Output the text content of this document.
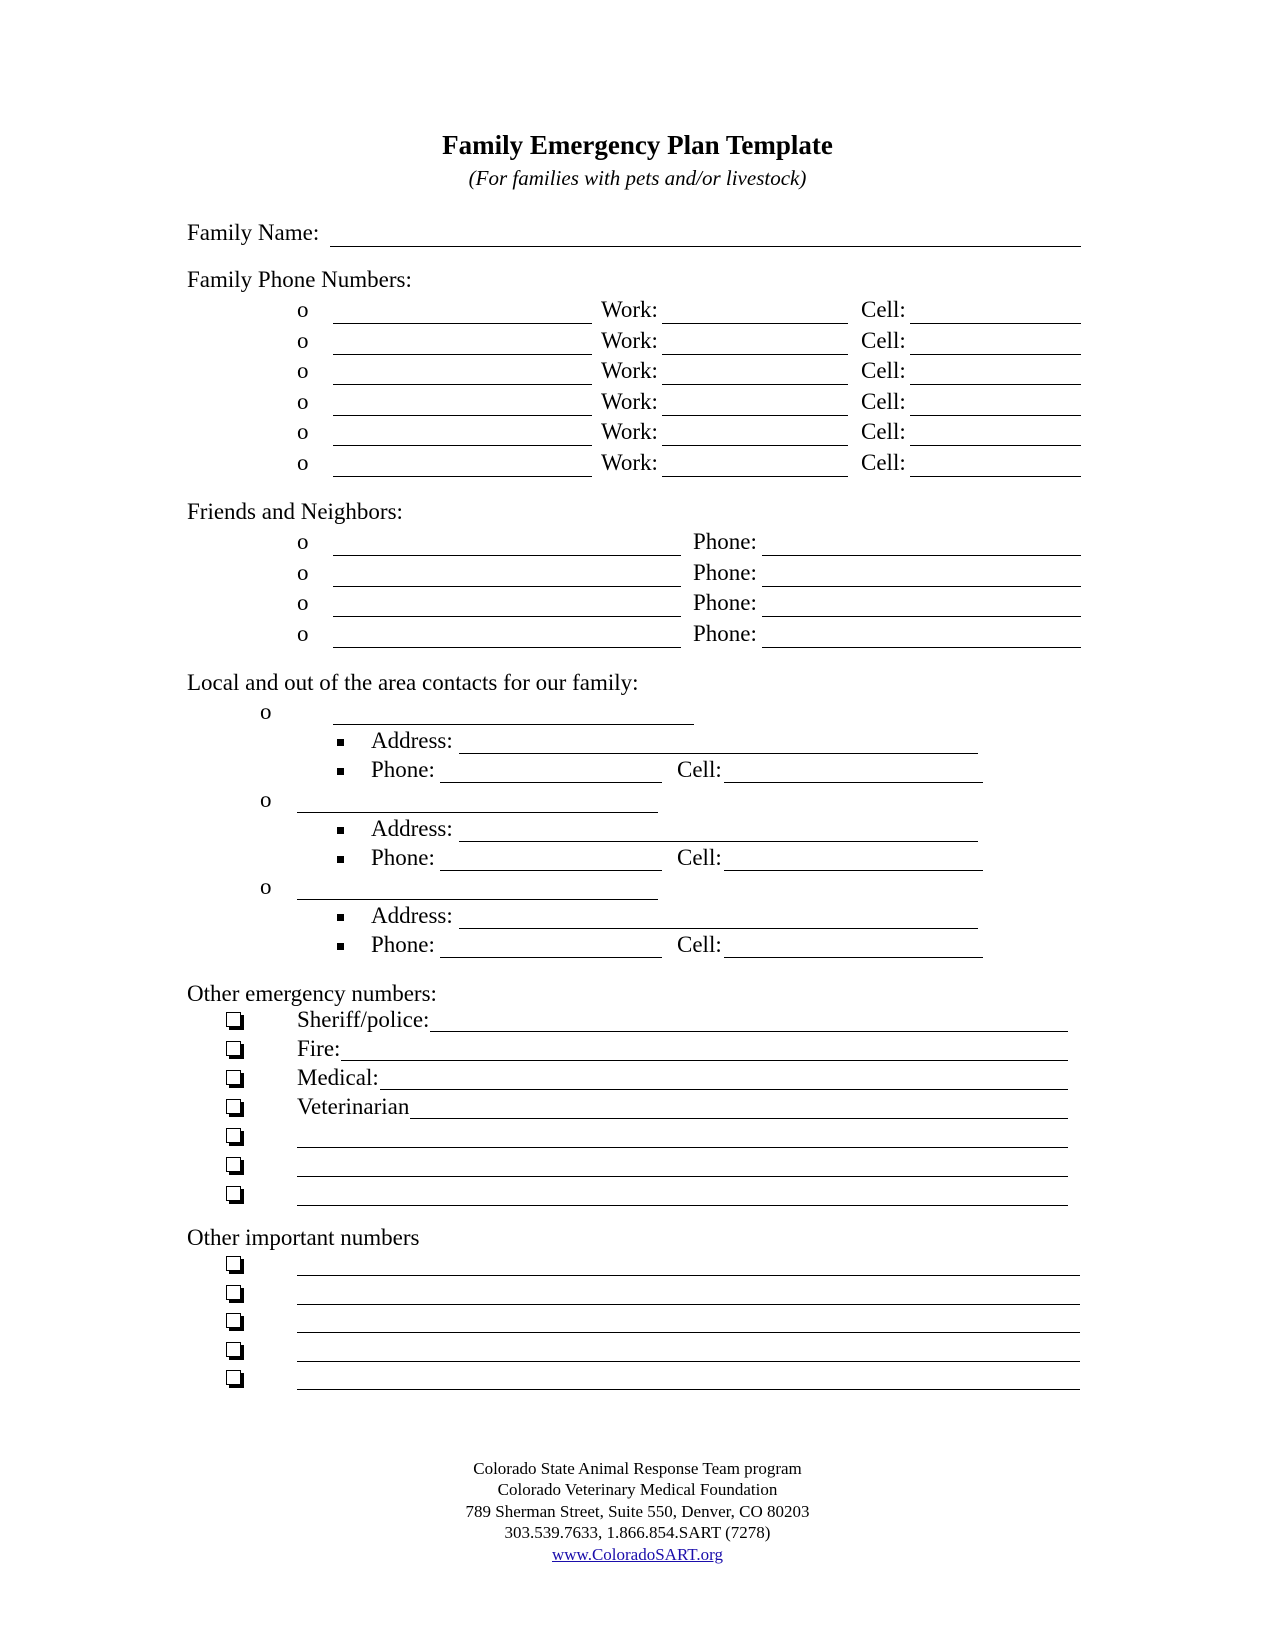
Family Emergency Plan Template
(For families with pets and/or livestock)
Family Name:
Family Phone Numbers:
o	Work:	Cell:
o	Work:	Cell:
o	Work:	Cell:
o	Work:	Cell:
o	Work:	Cell:
o	Work:	Cell:
Friends and Neighbors:
o	Phone:
o	Phone:
o	Phone:
o	Phone:
Local and out of the area contacts for our family:
o
Address:
Phone:	Cell:
o
Address:
Phone:	Cell:
o
Address:
Phone:	Cell:
Other emergency numbers:
Sheriff/police:
Fire:
Medical:
Veterinarian
Other important numbers
Colorado State Animal Response Team program
Colorado Veterinary Medical Foundation
789 Sherman Street, Suite 550, Denver, CO 80203
303.539.7633, 1.866.854.SART (7278)
www.ColoradoSART.org
